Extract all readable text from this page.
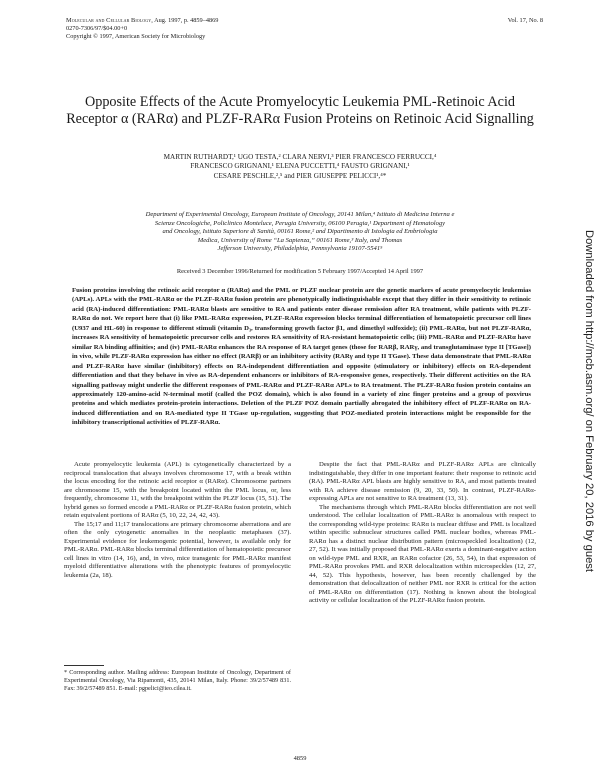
Molecular and Cellular Biology, Aug. 1997, p. 4859–4869
0270-7306/97/$04.00+0
Copyright © 1997, American Society for Microbiology
Vol. 17, No. 8
Opposite Effects of the Acute Promyelocytic Leukemia PML-Retinoic Acid Receptor α (RARα) and PLZF-RARα Fusion Proteins on Retinoic Acid Signalling
MARTIN RUTHARDT,¹ UGO TESTA,² CLARA NERVI,³ PIER FRANCESCO FERRUCCI,⁴
FRANCESCO GRIGNANI,¹ ELENA PUCCETTI,⁴ FAUSTO GRIGNANI,¹
CESARE PESCHLE,²,⁵ and PIER GIUSEPPE PELICCI¹,⁴*
Department of Experimental Oncology, European Institute of Oncology, 20141 Milan,⁴ Istituto di Medicina Interna e
Scienze Oncologiche, Policlinico Monteluce, Perugia University, 06100 Perugia,¹ Department of Hematology
and Oncology, Istituto Superiore di Sanità, 00161 Rome,² and Dipartimento di Istologia ed Embriologia
Medica, University of Rome “La Sapienza,” 00161 Rome,³ Italy, and Thomas
Jefferson University, Philadelphia, Pennsylvania 19107-5541⁵
Received 3 December 1996/Returned for modification 5 February 1997/Accepted 14 April 1997

Fusion proteins involving the retinoic acid receptor α (RARα) and the PML or PLZF nuclear protein are the genetic markers of acute promyelocytic leukemias (APLs). APLs with the PML-RARα or the PLZF-RARα fusion protein are phenotypically indistinguishable except that they differ in their sensitivity to retinoic acid (RA)-induced differentiation: PML-RARα blasts are sensitive to RA and patients enter disease remission after RA treatment, while patients with PLZF-RARα do not. We report here that (i) like PML-RARα expression, PLZF-RARα expression blocks terminal differentiation of hematopoietic precursor cell lines (U937 and HL-60) in response to different stimuli (vitamin D₃, transforming growth factor β1, and dimethyl sulfoxide); (ii) PML-RARα, but not PLZF-RARα, increases RA sensitivity of hematopoietic precursor cells and restores RA sensitivity of RA-resistant hematopoietic cells; (iii) PML-RARα and PLZF-RARα have similar RA binding affinities; and (iv) PML-RARα enhances the RA response of RA target genes (those for RARβ, RARγ, and transglutaminase type II [TGase]) in vivo, while PLZF-RARα expression has either no effect (RARβ) or an inhibitory activity (RARγ and type II TGase). These data demonstrate that PML-RARα and PLZF-RARα have similar (inhibitory) effects on RA-independent differentiation and opposite (stimulatory or inhibitory) effects on RA-dependent differentiation and that they behave in vivo as RA-dependent enhancers or inhibitors of RA-responsive genes, respectively. Their different activities on the RA signalling pathway might underlie the different responses of PML-RARα and PLZF-RARα APLs to RA treatment. The PLZF-RARα fusion protein contains an approximately 120-amino-acid N-terminal motif (called the POZ domain), which is also found in a variety of zinc finger proteins and a group of poxvirus proteins and which mediates protein-protein interactions. Deletion of the PLZF POZ domain partially abrogated the inhibitory effect of PLZF-RARα on RA-induced differentiation and on RA-mediated type II TGase up-regulation, suggesting that POZ-mediated protein interactions might be responsible for the inhibitory transcriptional activities of PLZF-RARα.

Acute promyelocytic leukemia (APL) is cytogenetically characterized by a reciprocal translocation that always involves chromosome 17, with a break within the locus encoding for the retinoic acid receptor α (RARα). Chromosome partners are chromosome 15, with the breakpoint located within the PML locus, or, less frequently, chromosome 11, with the breakpoint within the PLZF locus (15, 51). The hybrid genes so formed encode a PML-RARα or PLZF-RARα fusion protein, which retain equivalent portions of RARα (5, 10, 22, 24, 42, 43).

The 15;17 and 11;17 translocations are primary chromosome aberrations and are often the only cytogenetic anomalies in the neoplastic metaphases (37). Experimental evidence for leukemogenic potential, however, is available only for PML-RARα. PML-RARα blocks terminal differentiation of hematopoietic precursor cell lines in vitro (14, 16), and, in vivo, mice transgenic for PML-RARα manifest myeloid differentiative alterations with the phenotypic features of promyelocytic leukemia (2a, 18).

Despite the fact that PML-RARα and PLZF-RARα APLs are clinically indistinguishable, they differ in one important feature: their response to retinoic acid (RA). PML-RARα APL blasts are highly sensitive to RA, and most patients treated with RA achieve disease remission (9, 20, 33, 50). In contrast, PLZF-RARα-expressing APLs are not sensitive to RA treatment (13, 31).

The mechanisms through which PML-RARα blocks differentiation are not well understood. The cellular localization of PML-RARα is anomalous with respect to the corresponding wild-type proteins: RARα is nuclear diffuse and PML is localized within specific subnuclear structures called PML nuclear bodies, whereas PML-RARα has a distinct nuclear distribution pattern (microspeckled localization) (12, 27, 52). It was initially proposed that PML-RARα exerts a dominant-negative action on wild-type PML and RXR, an RARα cofactor (26, 53, 54), in that expression of PML-RARα provokes PML and RXR delocalization within microspeckles (12, 27, 44, 52). This hypothesis, however, has been recently challenged by the demonstration that delocalization of neither PML nor RXR is critical for the action of PML-RARα on differentiation (17). Nothing is known about the biological activity or cellular localization of the PLZF-RARα fusion protein.

* Corresponding author. Mailing address: European Institute of Oncology, Department of Experimental Oncology, Via Ripamonti, 435, 20141 Milan, Italy. Phone: 39/2/57489 831. Fax: 39/2/57489 851. E-mail: pgpelici@ieo.cilea.it.

4859
Downloaded from http://mcb.asm.org/ on February 20, 2016 by guest
